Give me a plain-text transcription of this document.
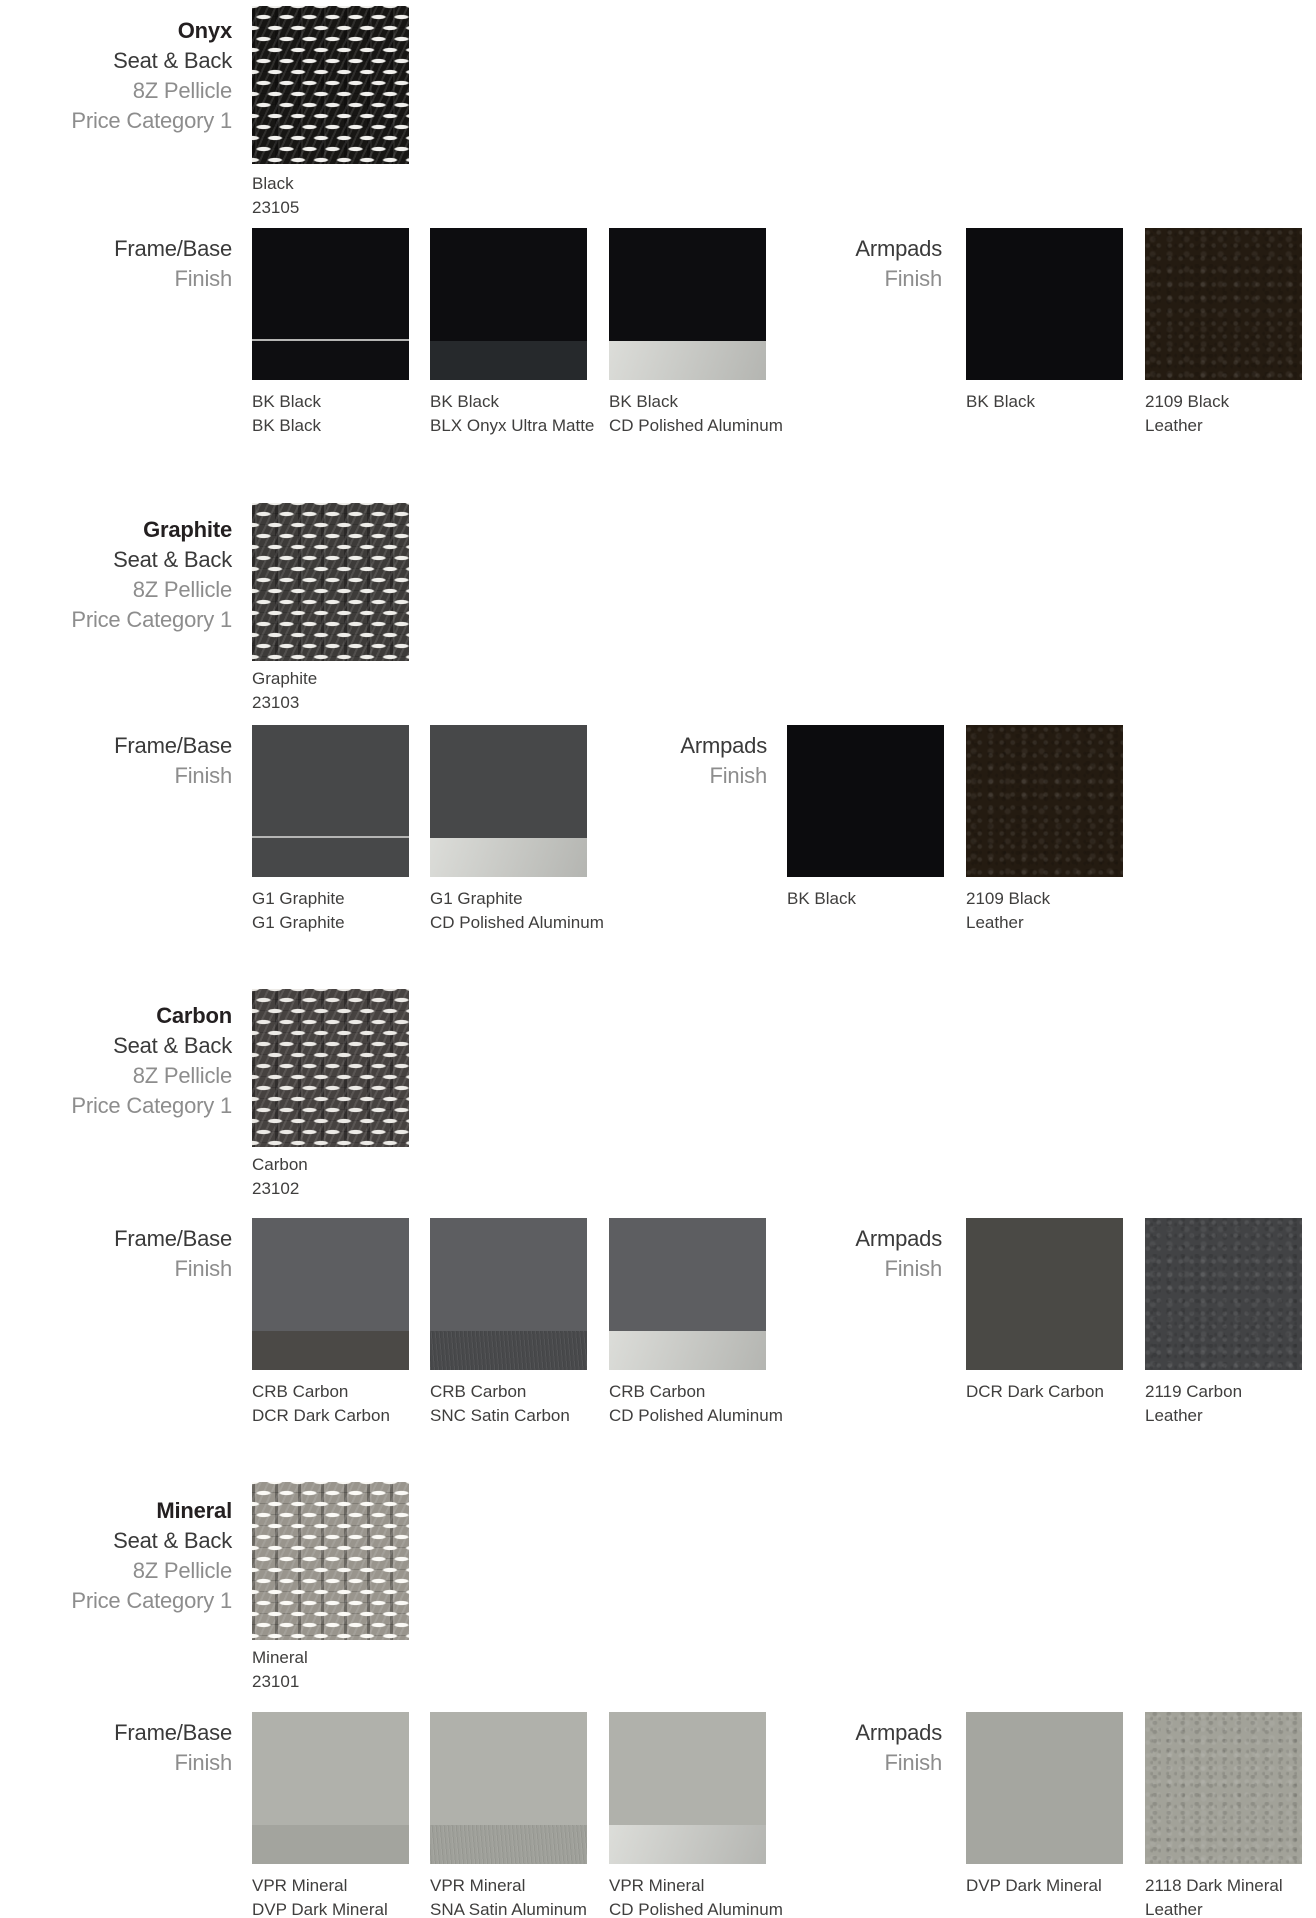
Onyx
Seat & Back
8Z Pellicle
Price Category 1
Black
23105
Frame/Base
Finish
BK Black
BK Black
BK Black
BLX Onyx Ultra Matte
BK Black
CD Polished Aluminum
Armpads
Finish
BK Black	2109 Black
Leather
Graphite
Seat & Back
8Z Pellicle
Price Category 1
Graphite
23103
Frame/Base
Finish
G1 Graphite
G1 Graphite
G1 Graphite
CD Polished Aluminum
Armpads
Finish
BK Black	2109 Black
Leather
Carbon
Seat & Back
8Z Pellicle
Price Category 1
Carbon
23102
Frame/Base
Finish
CRB Carbon
DCR Dark Carbon
CRB Carbon
SNC Satin Carbon
CRB Carbon
CD Polished Aluminum
Armpads
Finish
DCR Dark Carbon	2119 Carbon
Leather
Mineral
Seat & Back
8Z Pellicle
Price Category 1
Mineral
23101
Frame/Base
Finish
VPR Mineral
DVP Dark Mineral
VPR Mineral
SNA Satin Aluminum
VPR Mineral
CD Polished Aluminum
Armpads
Finish
DVP Dark Mineral	2118 Dark Mineral
Leather
